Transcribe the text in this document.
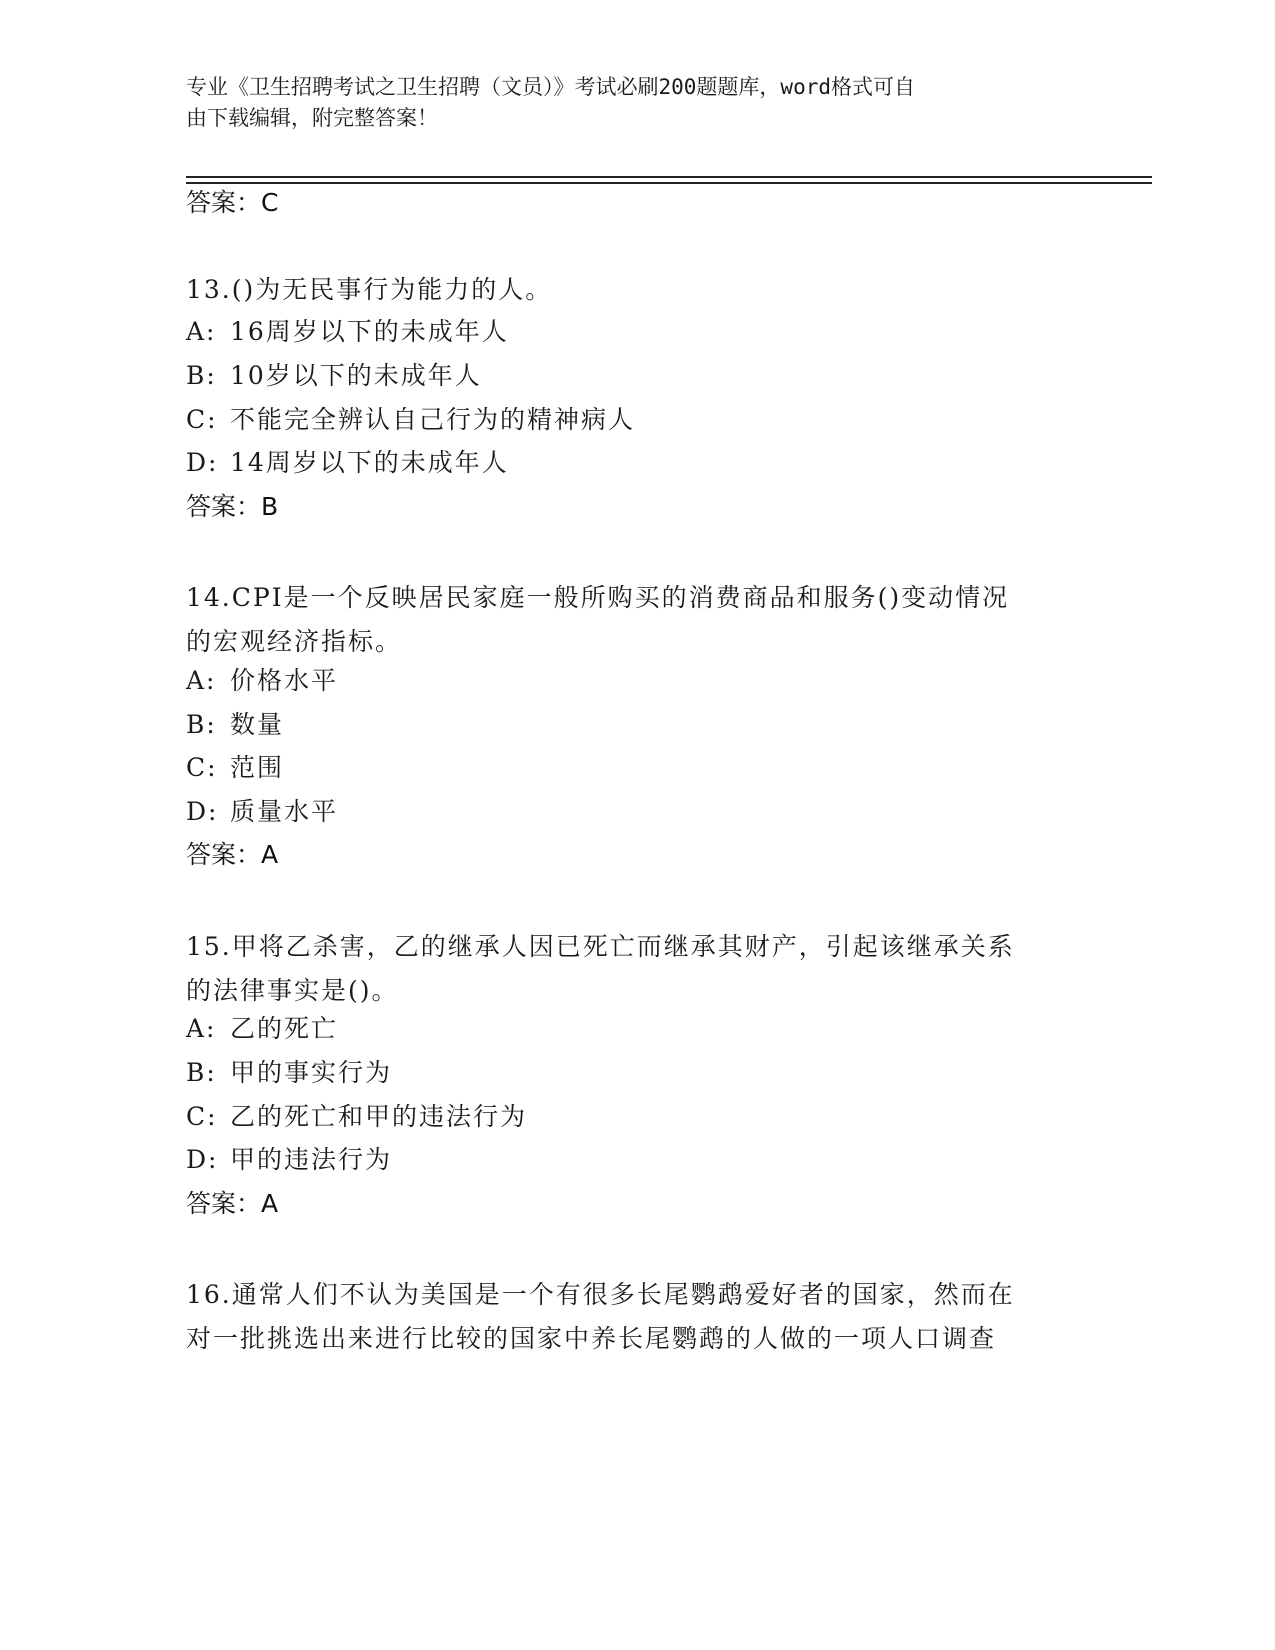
专业《卫生招聘考试之卫生招聘（文员）》考试必刷200题题库，word格式可自
由下载编辑，附完整答案！
答案：C
13.()为无民事行为能力的人。
A: 16周岁以下的未成年人
B: 10岁以下的未成年人
C: 不能完全辨认自己行为的精神病人
D: 14周岁以下的未成年人
答案：B
14.CPI是一个反映居民家庭一般所购买的消费商品和服务()变动情况
的宏观经济指标。
A: 价格水平
B: 数量
C: 范围
D: 质量水平
答案：A
15.甲将乙杀害，乙的继承人因已死亡而继承其财产，引起该继承关系
的法律事实是()。
A: 乙的死亡
B: 甲的事实行为
C: 乙的死亡和甲的违法行为
D: 甲的违法行为
答案：A
16.通常人们不认为美国是一个有很多长尾鹦鹉爱好者的国家，然而在
对一批挑选出来进行比较的国家中养长尾鹦鹉的人做的一项人口调查
